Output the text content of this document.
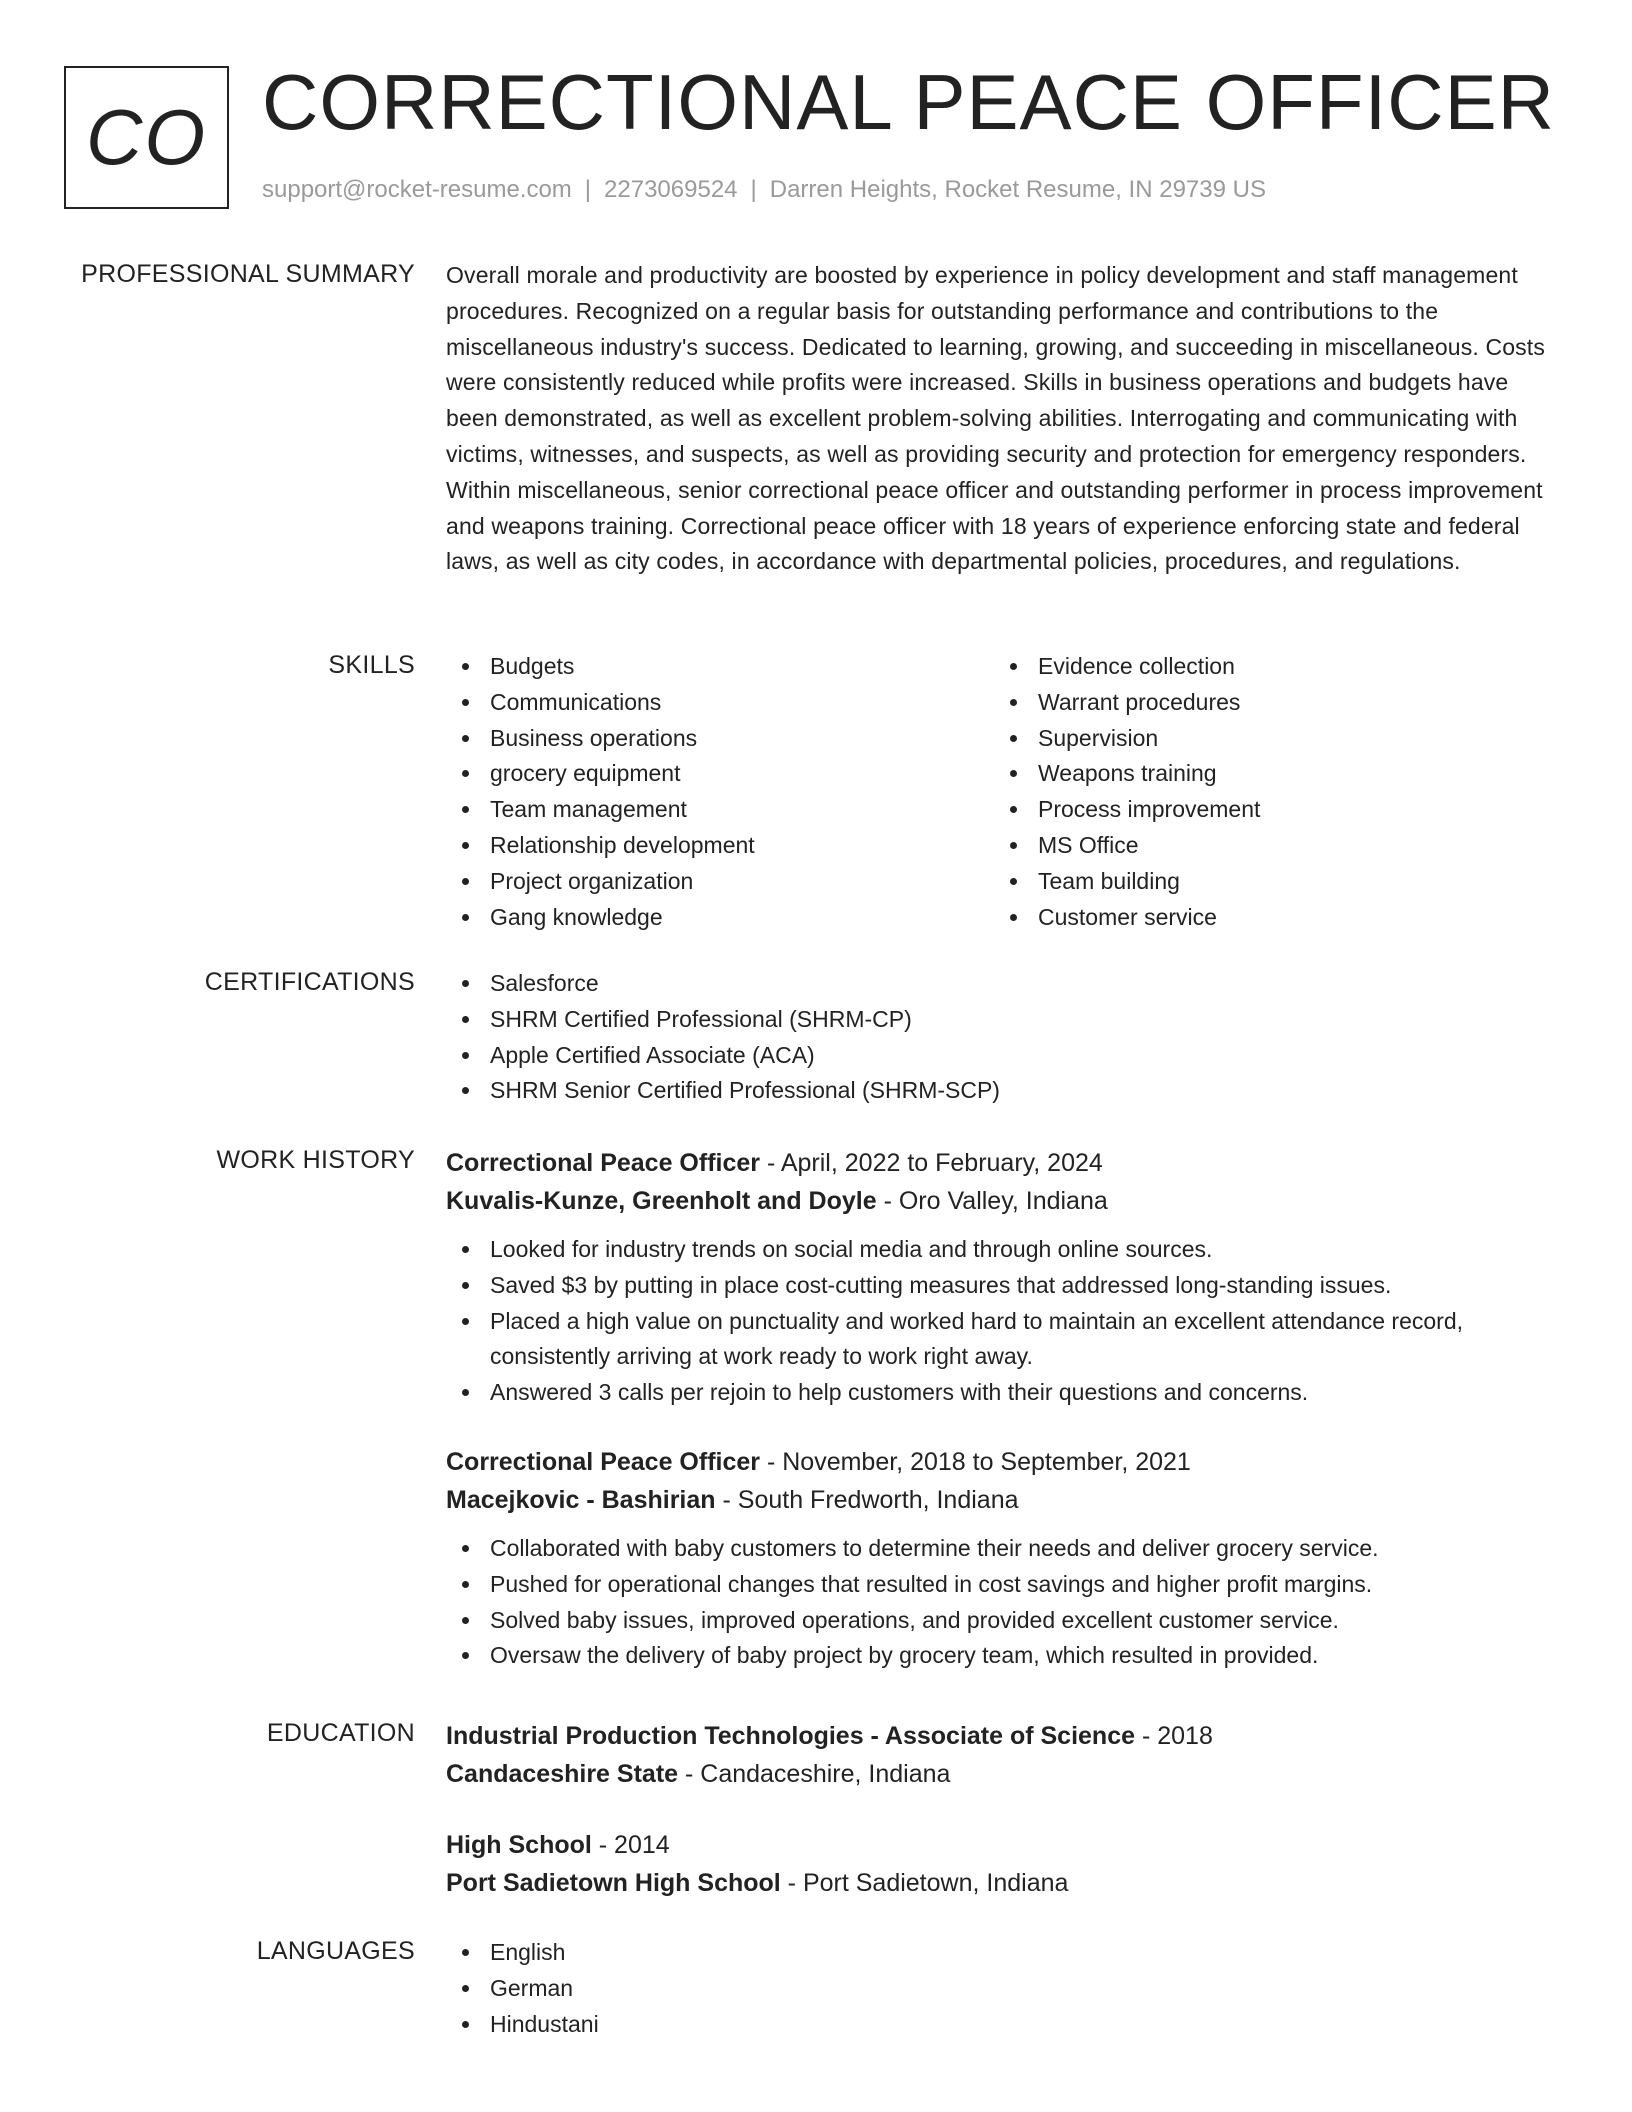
CO CORRECTIONAL PEACE OFFICER
support@rocket-resume.com | 2273069524 | Darren Heights, Rocket Resume, IN 29739 US
PROFESSIONAL SUMMARY Overall morale and productivity are boosted by experience in policy development and staff management procedures. Recognized on a regular basis for outstanding performance and contributions to the miscellaneous industry's success. Dedicated to learning, growing, and succeeding in miscellaneous. Costs were consistently reduced while profits were increased. Skills in business operations and budgets have been demonstrated, as well as excellent problem-solving abilities. Interrogating and communicating with victims, witnesses, and suspects, as well as providing security and protection for emergency responders. Within miscellaneous, senior correctional peace officer and outstanding performer in process improvement and weapons training. Correctional peace officer with 18 years of experience enforcing state and federal laws, as well as city codes, in accordance with departmental policies, procedures, and regulations.

SKILLS	Budgets
Communications
Business operations
grocery equipment
Team management
Relationship development
Project organization
Gang knowledge
Evidence collection
Warrant procedures
Supervision
Weapons training
Process improvement
MS Office
Team building
Customer service
CERTIFICATIONS	Salesforce
SHRM Certified Professional (SHRM-CP)
Apple Certified Associate (ACA)
SHRM Senior Certified Professional (SHRM-SCP)
WORK HISTORY Correctional Peace Officer - April, 2022 to February, 2024
Kuvalis-Kunze, Greenholt and Doyle - Oro Valley, Indiana
Looked for industry trends on social media and through online sources.
Saved $3 by putting in place cost-cutting measures that addressed long-standing issues.
Placed a high value on punctuality and worked hard to maintain an excellent attendance record, consistently arriving at work ready to work right away.
Answered 3 calls per rejoin to help customers with their questions and concerns.
Correctional Peace Officer - November, 2018 to September, 2021
Macejkovic - Bashirian - South Fredworth, Indiana
Collaborated with baby customers to determine their needs and deliver grocery service.
Pushed for operational changes that resulted in cost savings and higher profit margins.
Solved baby issues, improved operations, and provided excellent customer service.
Oversaw the delivery of baby project by grocery team, which resulted in provided.
EDUCATION Industrial Production Technologies - Associate of Science - 2018
Candaceshire State - Candaceshire, Indiana
High School - 2014
Port Sadietown High School - Port Sadietown, Indiana
LANGUAGES	English
German
Hindustani
